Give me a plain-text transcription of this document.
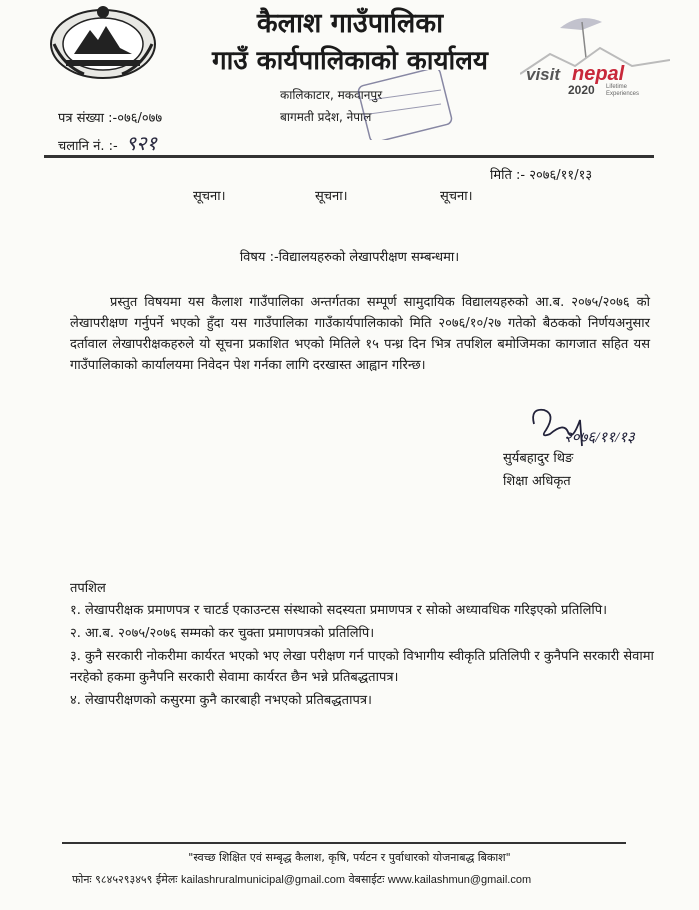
कैलाश गाउँपालिका
गाउँ कार्यपालिकाको कार्यालय	visit nepal
2020 Lifetime
Experiences
कालिकाटार, मकवानपुर
बागमती प्रदेश, नेपाल
पत्र संख्या :-०७६/०७७
चलानि नं. :- ९२१
मिति :- २०७६/११/१३
सूचना।	सूचना।	सूचना।
विषय :-विद्यालयहरुको लेखापरीक्षण सम्बन्धमा।
प्रस्तुत विषयमा यस कैलाश गाउँपालिका अन्तर्गतका सम्पूर्ण सामुदायिक विद्यालयहरुको आ.ब. २०७५/२०७६ को लेखापरीक्षण गर्नुपर्ने भएको हुँदा यस गाउँपालिका गाउँकार्यपालिकाको मिति २०७६/१०/२७ गतेको बैठकको निर्णयअनुसार दर्तावाल लेखापरीक्षकहरुले यो सूचना प्रकाशित भएको मितिले १५ पन्ध्र दिन भित्र तपशिल बमोजिमका कागजात सहित यस गाउँपालिकाको कार्यालयमा निवेदन पेश गर्नका लागि दरखास्त आह्वान गरिन्छ।
२०७६/११/१३
सुर्यबहादुर थिङ
शिक्षा अधिकृत
तपशिल
१. लेखापरीक्षक प्रमाणपत्र र चाटर्ड एकाउन्टस संस्थाको सदस्यता प्रमाणपत्र र सोको अध्यावधिक गरिइएको प्रतिलिपि।
२. आ.ब. २०७५/२०७६ सम्मको कर चुक्ता प्रमाणपत्रको प्रतिलिपि।
३. कुनै सरकारी नोकरीमा कार्यरत भएको भए लेखा परीक्षण गर्न पाएको विभागीय स्वीकृति प्रतिलिपी र कुनैपनि सरकारी सेवामा नरहेको हकमा कुनैपनि सरकारी सेवामा कार्यरत छैन भन्ने प्रतिबद्धतापत्र।
४. लेखापरीक्षणको कसुरमा कुनै कारबाही नभएको प्रतिबद्धतापत्र।
"स्वच्छ शिक्षित एवं सम्बृद्ध कैलाश, कृषि, पर्यटन र पुर्वाधारको योजनाबद्ध बिकाश"
फोनः ९८४५२९३४५९ ईमेलः kailashruralmunicipal@gmail.com वेबसाईटः www.kailashmun@gmail.com
